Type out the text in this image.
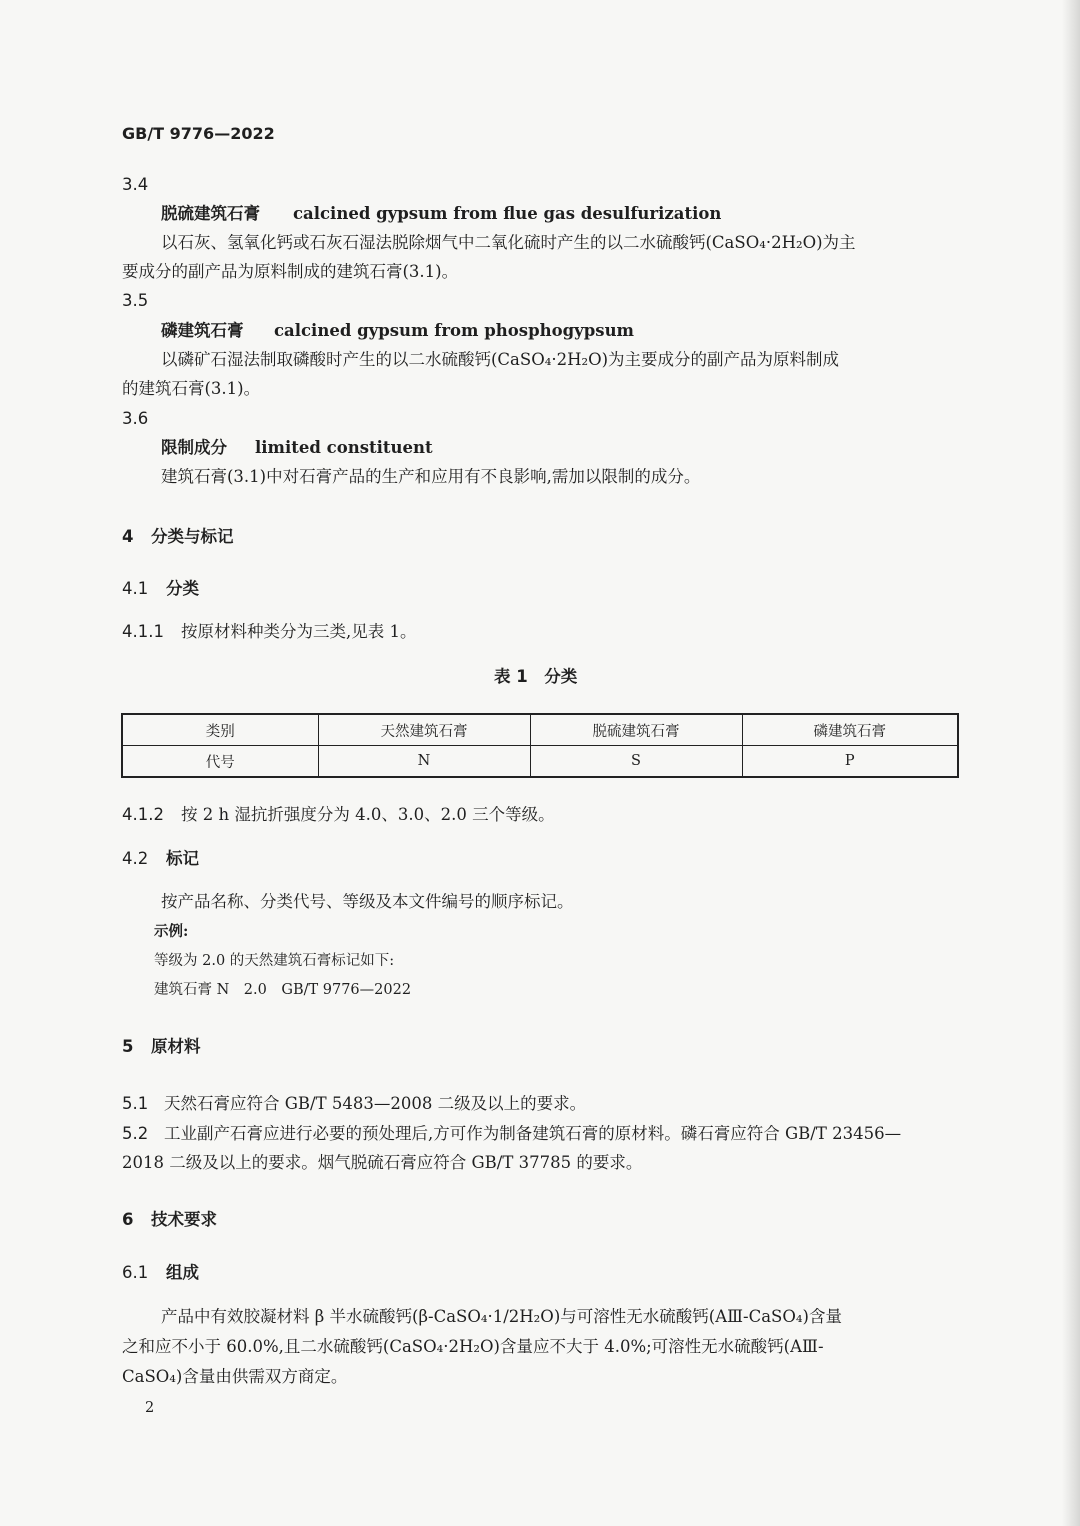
GB/T 9776—2022
3.4
脱硫建筑石膏 calcined gypsum from flue gas desulfurization
以石灰、氢氧化钙或石灰石湿法脱除烟气中二氧化硫时产生的以二水硫酸钙(CaSO₄·2H₂O)为主
要成分的副产品为原料制成的建筑石膏(3.1)。
3.5
磷建筑石膏 calcined gypsum from phosphogypsum
以磷矿石湿法制取磷酸时产生的以二水硫酸钙(CaSO₄·2H₂O)为主要成分的副产品为原料制成
的建筑石膏(3.1)。
3.6
限制成分 limited constituent
建筑石膏(3.1)中对石膏产品的生产和应用有不良影响,需加以限制的成分。
4 分类与标记
4.1 分类
4.1.1 按原材料种类分为三类,见表 1。
表 1　分类
类别	天然建筑石膏	脱硫建筑石膏	磷建筑石膏
代号	N	S	P
4.1.2 按 2 h 湿抗折强度分为 4.0、3.0、2.0 三个等级。
4.2 标记
按产品名称、分类代号、等级及本文件编号的顺序标记。
示例:
等级为 2.0 的天然建筑石膏标记如下:
建筑石膏 N　2.0　GB/T 9776—2022
5 原材料
5.1 天然石膏应符合 GB/T 5483—2008 二级及以上的要求。
5.2 工业副产石膏应进行必要的预处理后,方可作为制备建筑石膏的原材料。磷石膏应符合 GB/T 23456—
2018 二级及以上的要求。烟气脱硫石膏应符合 GB/T 37785 的要求。
6 技术要求
6.1 组成
产品中有效胶凝材料 β 半水硫酸钙(β-CaSO₄·1/2H₂O)与可溶性无水硫酸钙(AⅢ-CaSO₄)含量
之和应不小于 60.0%,且二水硫酸钙(CaSO₄·2H₂O)含量应不大于 4.0%;可溶性无水硫酸钙(AⅢ-
CaSO₄)含量由供需双方商定。
2
